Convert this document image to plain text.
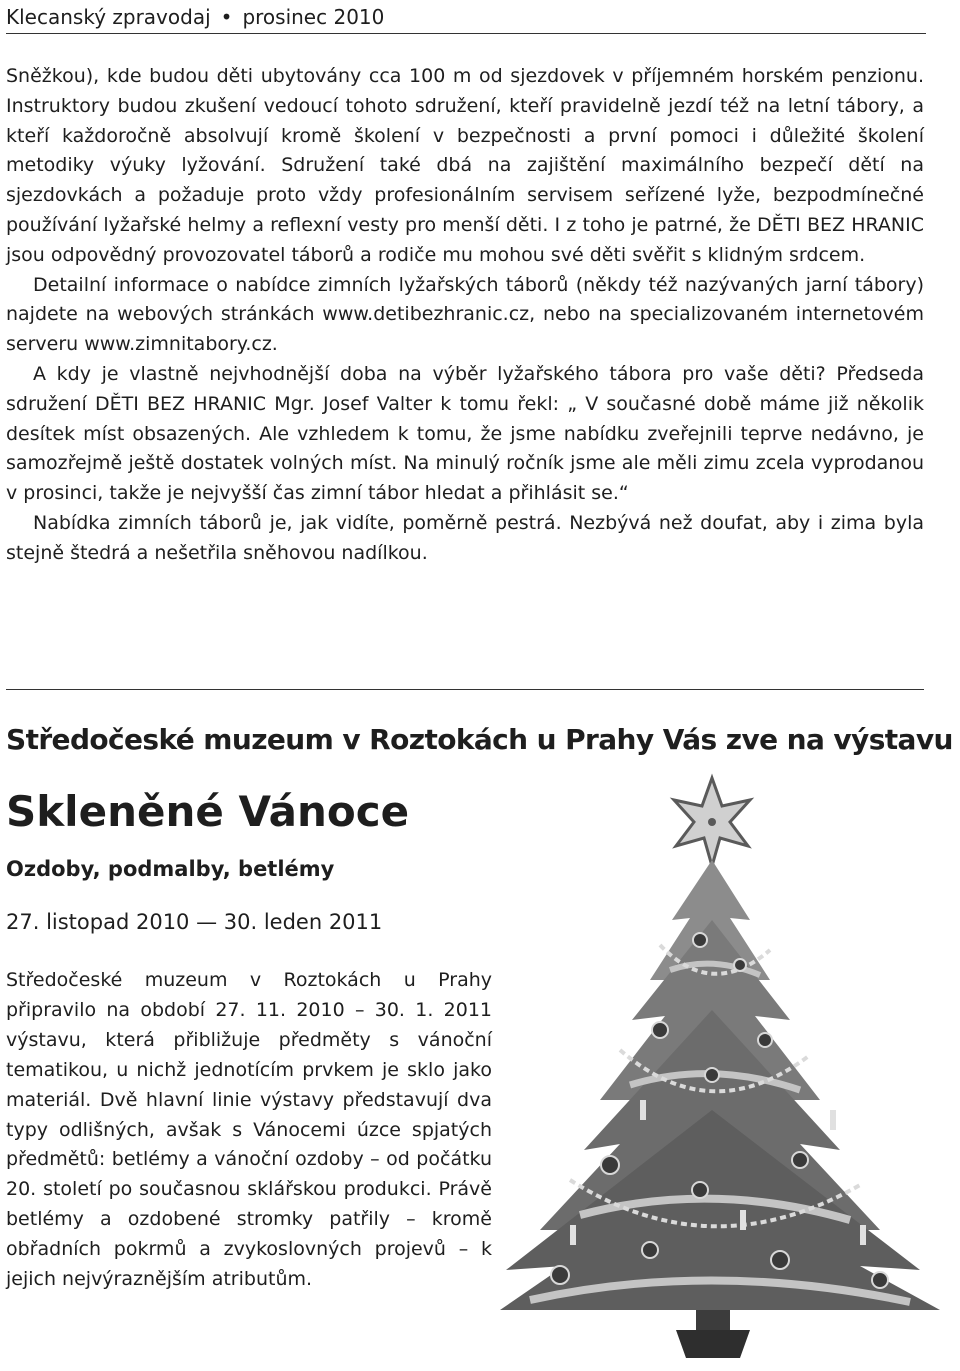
Klecanský zpravodaj • prosinec 2010

Sněžkou), kde budou děti ubytovány cca 100 m od sjezdovek v příjemném horském penzionu. Instruktory budou zkušení vedoucí tohoto sdružení, kteří pravidelně jezdí též na letní tábory, a kteří každoročně absolvují kromě školení v bezpečnosti a první pomoci i důležité školení metodiky výuky lyžování. Sdružení také dbá na zajištění maximálního bezpečí dětí na sjezdovkách a požaduje proto vždy profesionálním servisem seřízené lyže, bezpodmínečné používání lyžařské helmy a reflexní vesty pro menší děti. I z toho je patrné, že DĚTI BEZ HRANIC jsou odpovědný provozovatel táborů a rodiče mu mohou své děti svěřit s klidným srdcem.

Detailní informace o nabídce zimních lyžařských táborů (někdy též nazývaných jarní tábory) najdete na webových stránkách www.detibezhranic.cz, nebo na specializovaném internetovém serveru www.zimnitabory.cz.

A kdy je vlastně nejvhodnější doba na výběr lyžařského tábora pro vaše děti? Předseda sdružení DĚTI BEZ HRANIC Mgr. Josef Valter k tomu řekl: „ V současné době máme již několik desítek míst obsazených. Ale vzhledem k tomu, že jsme nabídku zveřejnili teprve nedávno, je samozřejmě ještě dostatek volných míst. Na minulý ročník jsme ale měli zimu zcela vyprodanou v prosinci, takže je nejvyšší čas zimní tábor hledat a přihlásit se.“

Nabídka zimních táborů je, jak vidíte, poměrně pestrá. Nezbývá než doufat, aby i zima byla stejně štedrá a nešetřila sněhovou nadílkou.

Středočeské muzeum v Roztokách u Prahy Vás zve na výstavu
Skleněné Vánoce
Ozdoby, podmalby, betlémy
27. listopad 2010 — 30. leden 2011

Středočeské muzeum v Roztokách u Prahy připravilo na období 27. 11. 2010 – 30. 1. 2011 výstavu, která přibližuje předměty s vánoční tematikou, u nichž jednotícím prvkem je sklo jako materiál. Dvě hlavní linie výstavy představují dva typy odlišných, avšak s Vánocemi úzce spjatých předmětů: betlémy a vánoční ozdoby – od počátku 20. století po současnou sklářskou produkci. Právě betlémy a ozdobené stromky patřily – kromě obřadních pokrmů a zvykoslovných projevů – k jejich nejvýraznějším atributům.
